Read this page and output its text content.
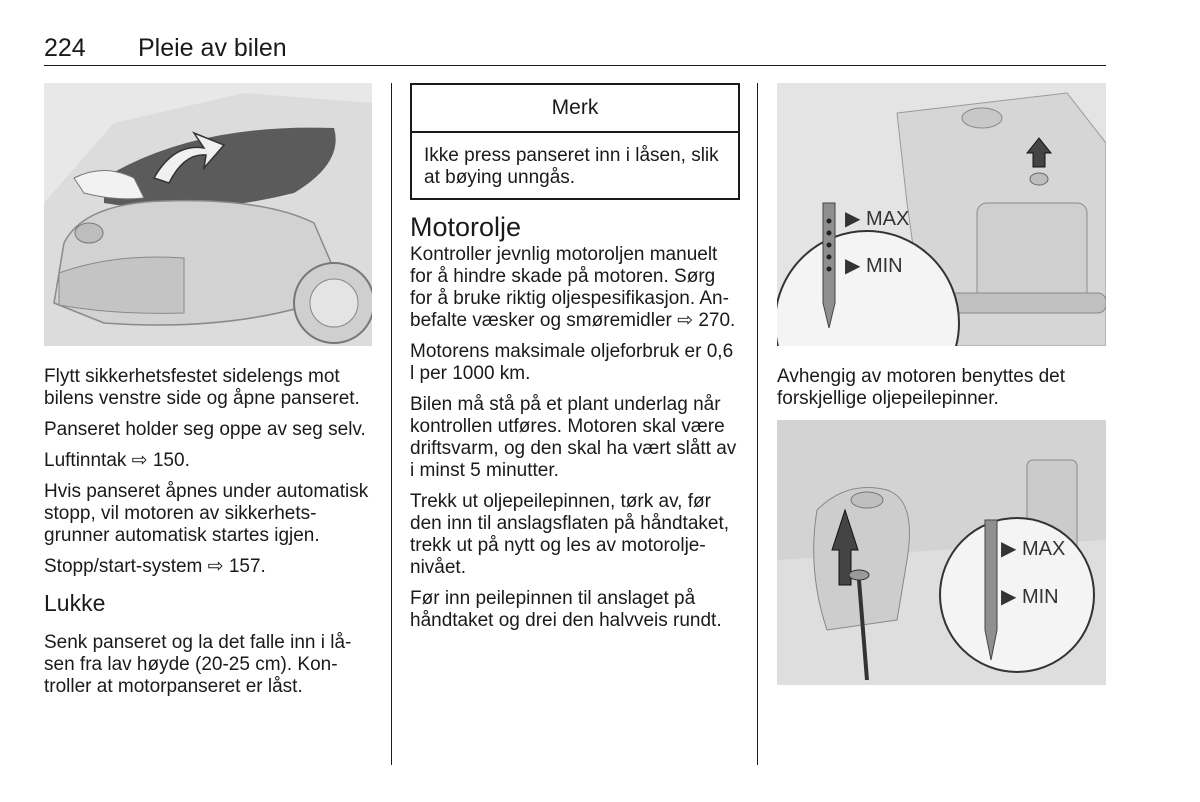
224 Pleie av bilen

Flytt sikkerhetsfestet sidelengs mot bilens venstre side og åpne panseret.

Panseret holder seg oppe av seg selv.

Luftinntak ⇨ 150.

Hvis panseret åpnes under automatisk stopp, vil motoren av sikkerhetsgrunner automatisk startes igjen.

Stopp/start-system ⇨ 157.

Lukke

Senk panseret og la det falle inn i låsen fra lav høyde (20-25 cm). Kontroller at motorpanseret er låst.

Merk
Ikke press panseret inn i låsen, slik at bøying unngås.
Motorolje

Kontroller jevnlig motoroljen manuelt for å hindre skade på motoren. Sørg for å bruke riktig oljespesifikasjon. Anbefalte væsker og smøremidler ⇨ 270.

Motorens maksimale oljeforbruk er 0,6 l per 1000 km.

Bilen må stå på et plant underlag når kontrollen utføres. Motoren skal være driftsvarm, og den skal ha vært slått av i minst 5 minutter.

Trekk ut oljepeilepinnen, tørk av, før den inn til anslagsflaten på håndtaket, trekk ut på nytt og les av motoroljenivået.

Før inn peilepinnen til anslaget på håndtaket og drei den halvveis rundt.

▶ MAX
▶ MIN

Avhengig av motoren benyttes det forskjellige oljepeilepinner.

▶ MAX
▶ MIN
